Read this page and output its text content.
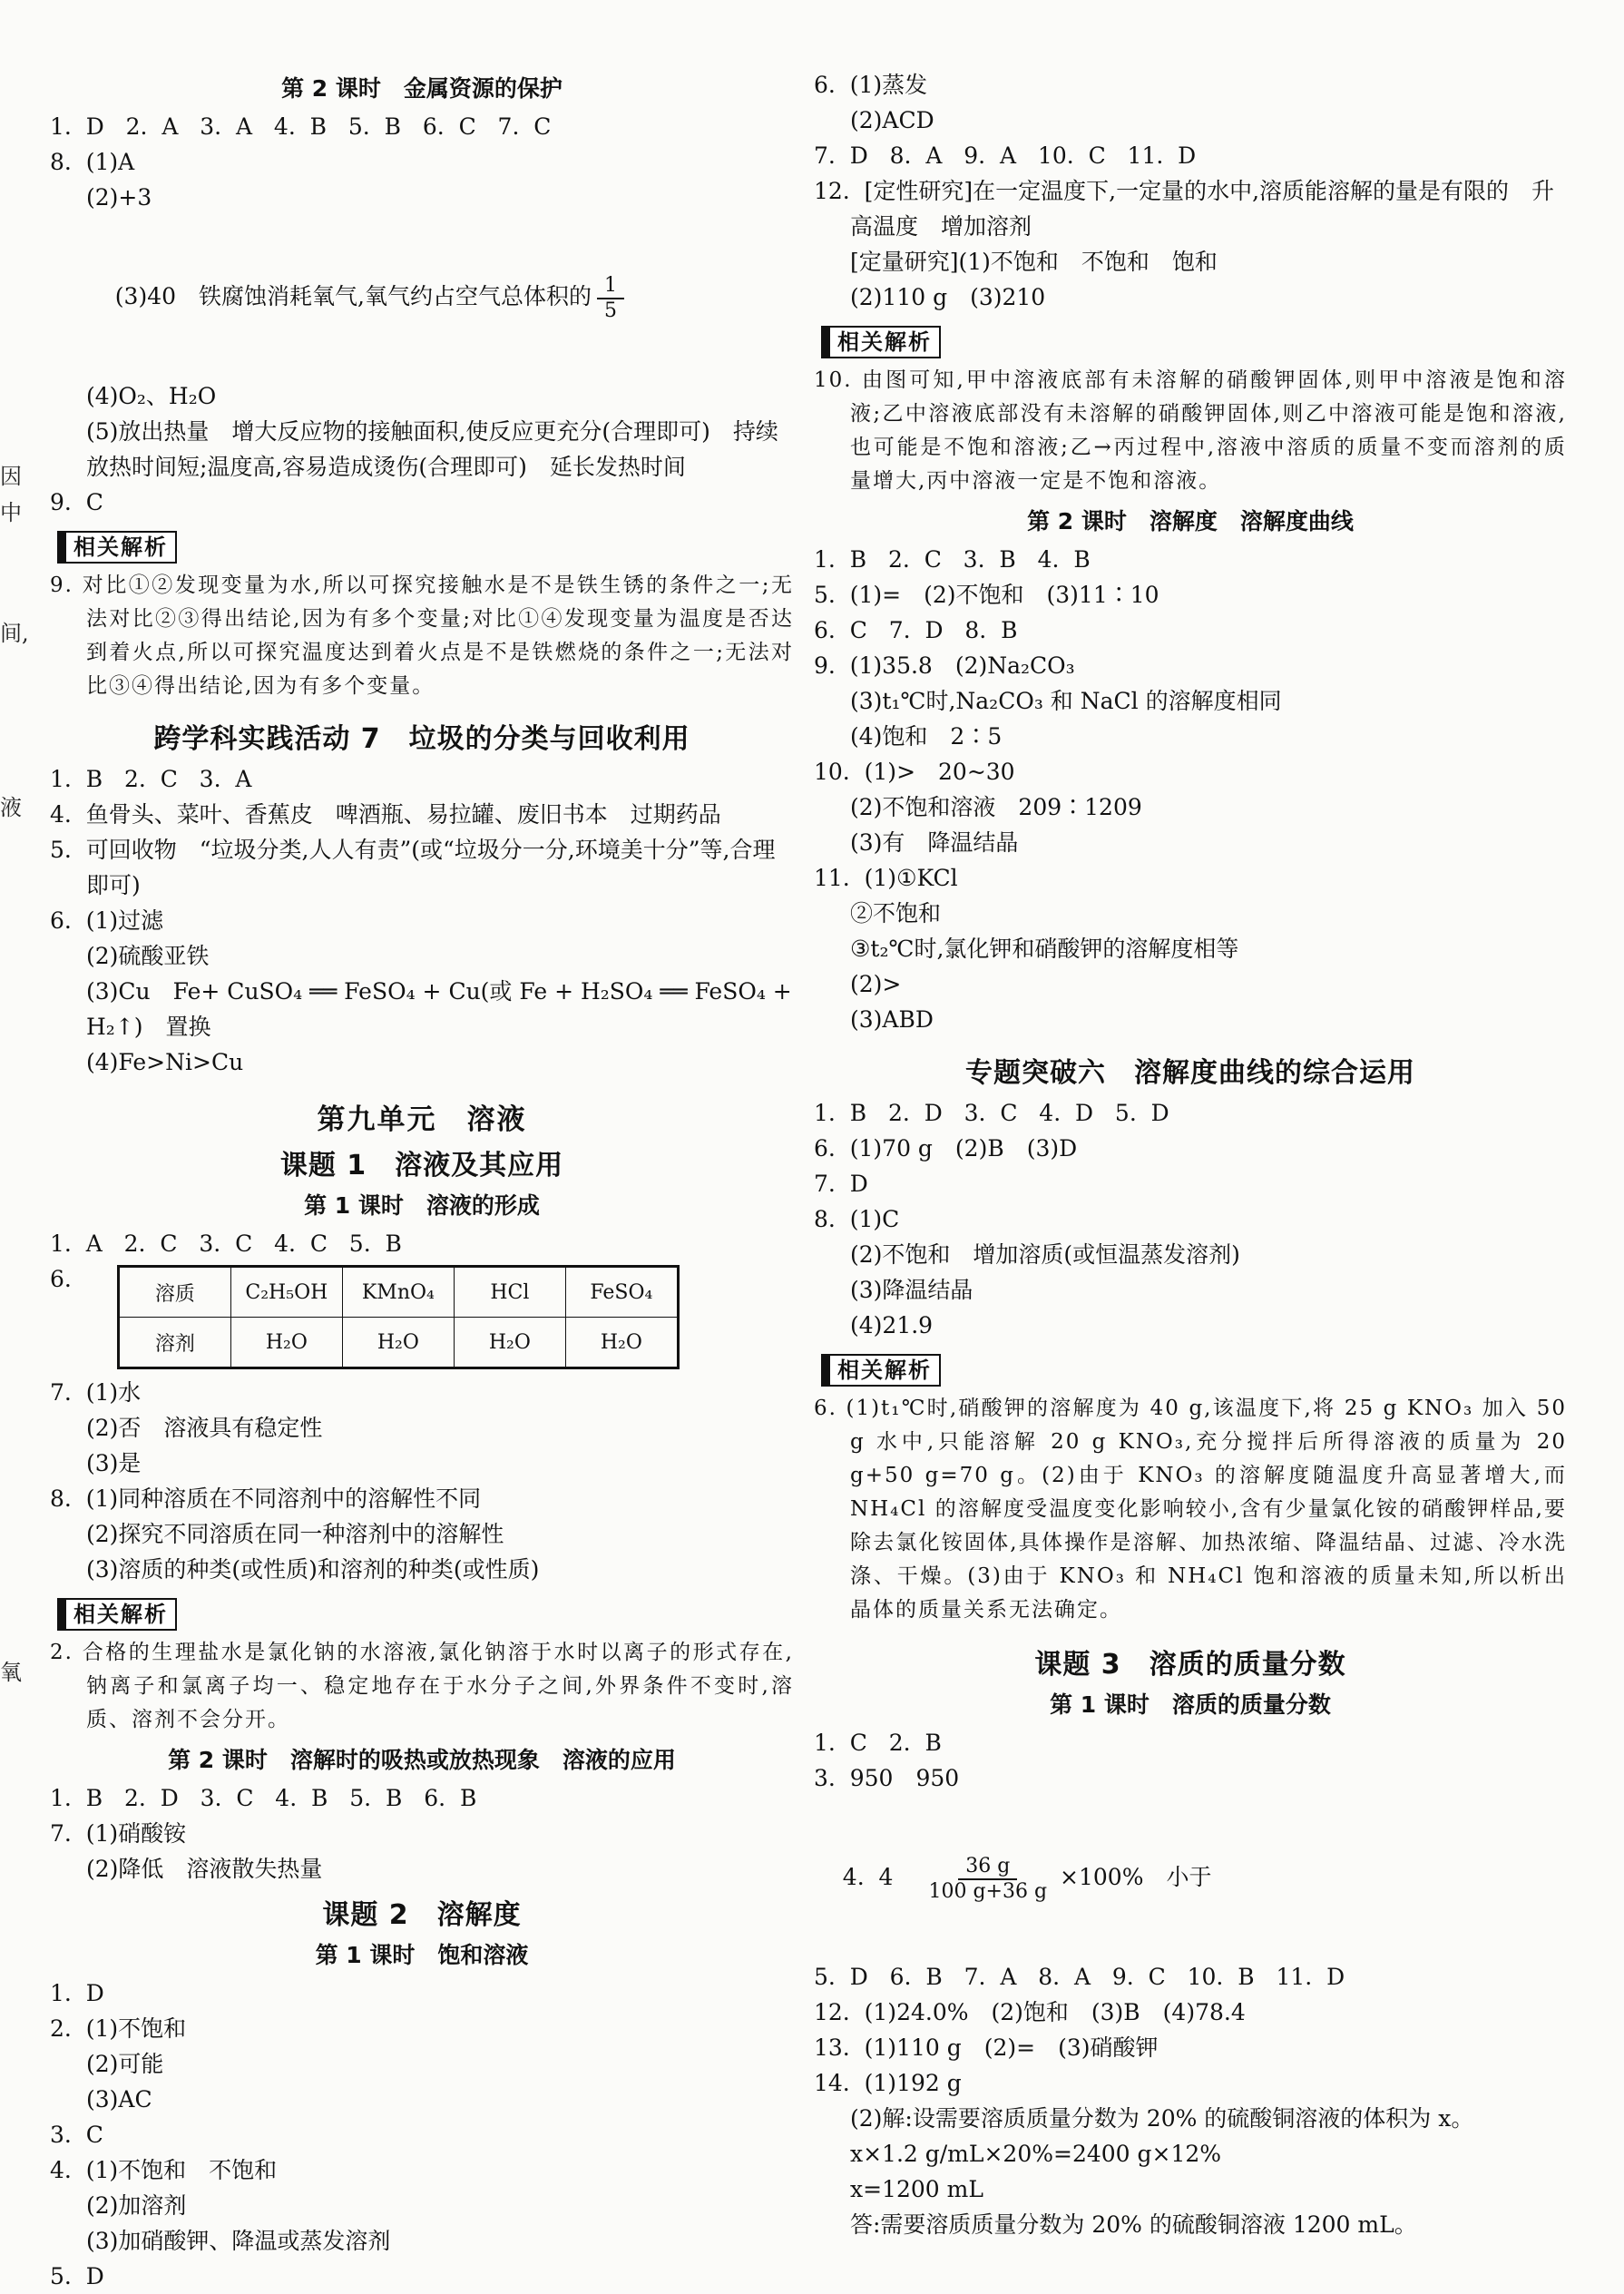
因
中
间,
液
氧
第 2 课时　金属资源的保护

1.  D   2.  A   3.  A   4.  B   5.  B   6.  C   7.  C

8.  (1)A

(2)+3

(3)40　铁腐蚀消耗氧气,氧气约占空气总体积的 $\frac{1}{5}$

(4)O₂、H₂O

(5)放出热量　增大反应物的接触面积,使反应更充分(合理即可)　持续放热时间短;温度高,容易造成烫伤(合理即可)　延长发热时间

9.  C

相关解析

9. 对比①②发现变量为水,所以可探究接触水是不是铁生锈的条件之一;无法对比②③得出结论,因为有多个变量;对比①④发现变量为温度是否达到着火点,所以可探究温度达到着火点是不是铁燃烧的条件之一;无法对比③④得出结论,因为有多个变量。

跨学科实践活动 7　垃圾的分类与回收利用

1.  B   2.  C   3.  A

4.  鱼骨头、菜叶、香蕉皮　啤酒瓶、易拉罐、废旧书本　过期药品

5.  可回收物　“垃圾分类,人人有责”(或“垃圾分一分,环境美十分”等,合理即可)

6.  (1)过滤

(2)硫酸亚铁

(3)Cu　Fe+ CuSO₄ ══ FeSO₄ + Cu(或 Fe + H₂SO₄ ══ FeSO₄ + H₂↑)　置换

(4)Fe>Ni>Cu

第九单元　溶液
课题 1　溶液及其应用
第 1 课时　溶液的形成

1.  A   2.  C   3.  C   4.  C   5.  B

6.

溶质	C₂H₅OH	KMnO₄	HCl	FeSO₄
溶剂	H₂O	H₂O	H₂O	H₂O

7.  (1)水

(2)否　溶液具有稳定性

(3)是

8.  (1)同种溶质在不同溶剂中的溶解性不同

(2)探究不同溶质在同一种溶剂中的溶解性

(3)溶质的种类(或性质)和溶剂的种类(或性质)

相关解析

2. 合格的生理盐水是氯化钠的水溶液,氯化钠溶于水时以离子的形式存在,钠离子和氯离子均一、稳定地存在于水分子之间,外界条件不变时,溶质、溶剂不会分开。

第 2 课时　溶解时的吸热或放热现象　溶液的应用

1.  B   2.  D   3.  C   4.  B   5.  B   6.  B

7.  (1)硝酸铵

(2)降低　溶液散失热量

课题 2　溶解度
第 1 课时　饱和溶液

1.  D

2.  (1)不饱和

(2)可能

(3)AC

3.  C

4.  (1)不饱和　不饱和

(2)加溶剂

(3)加硝酸钾、降温或蒸发溶剂

5.  D

6.  (1)蒸发

(2)ACD

7.  D   8.  A   9.  A   10.  C   11.  D

12.  [定性研究]在一定温度下,一定量的水中,溶质能溶解的量是有限的　升高温度　增加溶剂

[定量研究](1)不饱和　不饱和　饱和

(2)110 g　(3)210

相关解析

10. 由图可知,甲中溶液底部有未溶解的硝酸钾固体,则甲中溶液是饱和溶液;乙中溶液底部没有未溶解的硝酸钾固体,则乙中溶液可能是饱和溶液,也可能是不饱和溶液;乙→丙过程中,溶液中溶质的质量不变而溶剂的质量增大,丙中溶液一定是不饱和溶液。

第 2 课时　溶解度　溶解度曲线

1.  B   2.  C   3.  B   4.  B

5.  (1)=　(2)不饱和　(3)11∶10

6.  C   7.  D   8.  B

9.  (1)35.8　(2)Na₂CO₃

(3)t₁℃时,Na₂CO₃ 和 NaCl 的溶解度相同

(4)饱和　2∶5

10.  (1)>　20~30

(2)不饱和溶液　209∶1209

(3)有　降温结晶

11.  (1)①KCl

②不饱和

③t₂℃时,氯化钾和硝酸钾的溶解度相等

(2)>

(3)ABD

专题突破六　溶解度曲线的综合运用

1.  B   2.  D   3.  C   4.  D   5.  D

6.  (1)70 g　(2)B　(3)D

7.  D

8.  (1)C

(2)不饱和　增加溶质(或恒温蒸发溶剂)

(3)降温结晶

(4)21.9

相关解析

6. (1)t₁℃时,硝酸钾的溶解度为 40 g,该温度下,将 25 g KNO₃ 加入 50 g 水中,只能溶解 20 g KNO₃,充分搅拌后所得溶液的质量为 20 g+50 g=70 g。(2)由于 KNO₃ 的溶解度随温度升高显著增大,而 NH₄Cl 的溶解度受温度变化影响较小,含有少量氯化铵的硝酸钾样品,要除去氯化铵固体,具体操作是溶解、加热浓缩、降温结晶、过滤、冷水洗涤、干燥。(3)由于 KNO₃ 和 NH₄Cl 饱和溶液的质量未知,所以析出晶体的质量关系无法确定。

课题 3　溶质的质量分数
第 1 课时　溶质的质量分数

1.  C   2.  B

3.  950　950

4.  4　 $\frac{36 g}{100 g+36 g} \times 100\%$　小于

5.  D   6.  B   7.  A   8.  A   9.  C   10.  B   11.  D

12.  (1)24.0%　(2)饱和　(3)B　(4)78.4

13.  (1)110 g　(2)=　(3)硝酸钾

14.  (1)192 g

(2)解:设需要溶质质量分数为 20% 的硫酸铜溶液的体积为 x。

x×1.2 g/mL×20%=2400 g×12%

x=1200 mL

答:需要溶质质量分数为 20% 的硫酸铜溶液 1200 mL。
